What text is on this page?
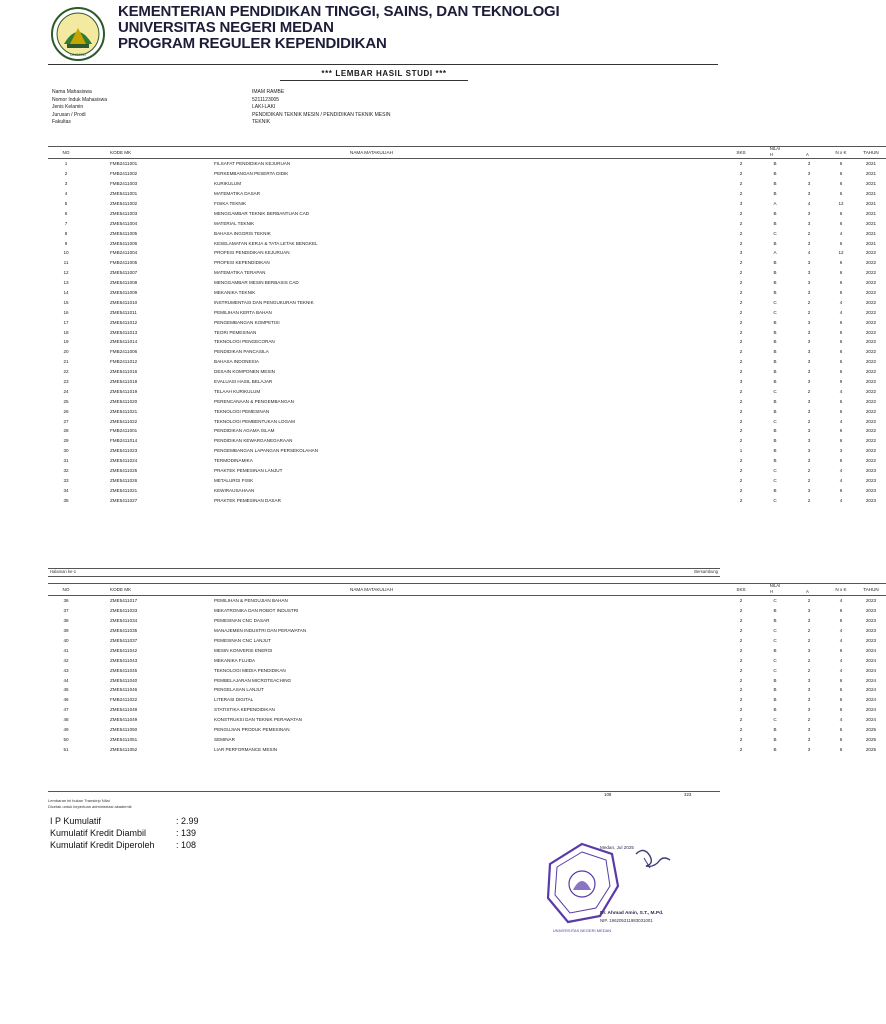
UNIMED
KEMENTERIAN PENDIDIKAN TINGGI, SAINS, DAN TEKNOLOGI
UNIVERSITAS NEGERI MEDAN
PROGRAM REGULER KEPENDIDIKAN
*** LEMBAR HASIL STUDI ***
Nama Mahasiswa	IMAM RAMBE
Nomor Induk Mahasiswa	5211123005
Jenis Kelamin	LAKI-LAKI
Jurusan / Prodi	PENDIDIKAN TEKNIK MESIN / PENDIDIKAN TEKNIK MESIN
Fakultas	TEKNIK
NO	KODE MK	NAMA MATAKULIAH	SKS	NILAI
H	A	N x K	TAHUN
1	FMB2411001	FILSAFAT PENDIDIKAN KEJURUAN	2	B	3	6	2021
2	FMB2411002	PERKEMBANGAN PESERTA DIDIK	2	B	3	6	2021
3	FMB2411003	KURIKULUM	2	B	3	6	2021
4	ZME5411001	MATEMATIKA DASAR	2	B	3	6	2021
5	ZME5411002	FISIKA TEKNIK	3	A	4	12	2021
6	ZME5411003	MENGGAMBAR TEKNIK BERBANTUAN CAD	2	B	3	6	2021
7	ZME5411004	MATERIAL TEKNIK	2	B	3	6	2021
8	ZME5411005	BAHASA INGGRIS TEKNIK	2	C	2	4	2021
9	ZME5411006	KESELAMATAN KERJA & TATA LETAK BENGKEL	2	B	3	6	2021
10	FMB2411004	PROFESI PENDIDIKAN KEJURUAN	3	A	4	12	2022
11	FMB2411005	PROFESI KEPENDIDIKAN	2	B	3	6	2022
12	ZME5411007	MATEMATIKA TERAPAN	2	B	3	6	2022
13	ZME5411008	MENGGAMBAR MESIN BERBASIS CAD	2	B	3	6	2022
14	ZME5411009	MEKANIKA TEKNIK	2	B	3	6	2022
15	ZME5411010	INSTRUMENTASI DAN PENGUKURAN TEKNIK	2	C	2	4	2022
16	ZME5411011	PEMILIHAN KERTA BAHAN	2	C	2	4	2022
17	ZME5411012	PENGEMBANGAN KOMPETISI	2	B	3	6	2022
18	ZME5411013	TEORI PEMESINAN	2	B	3	6	2022
19	ZME5411014	TEKNOLOGI PENGECORAN	2	B	3	6	2022
20	FMB2411006	PENDIDIKAN PANCASILA	2	B	3	6	2022
21	FMB2411012	BAHASA INDONESIA	2	B	3	6	2022
22	ZME5411016	DESAIN KOMPONEN MESIN	2	B	3	6	2022
23	ZME5411018	EVALUASI HASIL BELAJAR	3	B	3	9	2022
24	ZME5411019	TELAAH KURIKULUM	2	C	2	4	2022
25	ZME5411020	PERENCANAAN & PENGEMBANGAN	2	B	3	6	2022
26	ZME5411021	TEKNOLOGI PEMESINAN	2	B	3	6	2022
27	ZME5411022	TEKNOLOGI PEMBENTUKAN LOGAM	2	C	2	4	2022
28	FMB2411001	PENDIDIKAN AGAMA ISLAM	2	B	3	6	2022
29	FMB2411014	PENDIDIKAN KEWARGANEGARAAN	2	B	3	6	2022
30	ZME5411023	PENGEMBANGAN LAPANGAN PERSEKOLAHAN	1	B	3	3	2022
31	ZME5411024	TERMODINAMIKA	2	B	3	6	2022
32	ZME5411025	PRAKTEK PEMESINAN LANJUT	2	C	2	4	2023
33	ZME5411026	METALURGI FISIK	2	C	2	4	2023
34	ZME5411021	KEWIRAUSAHAAN	2	B	3	6	2023
35	ZME5411027	PRAKTEK PEMESINAN DASAR	2	C	2	4	2023
Halaman ke-1	Bersambung
NO	KODE MK	NAMA MATAKULIAH	SKS	NILAI
H	A	N x K	TAHUN
36	ZME5411017	PEMILIHAN & PENGUJIAN BAHAN	2	C	2	4	2023
37	ZME5411033	MEKATRONIKA DAN ROBOT INDUSTRI	2	B	3	6	2023
38	ZME5411034	PEMESINAN CNC DASAR	2	B	3	6	2023
39	ZME5411035	MANAJEMEN INDUSTRI DAN PERAWATAN	2	C	2	4	2023
40	ZME5411037	PEMESINAN CNC LANJUT	2	C	2	4	2023
41	ZME5411042	MESIN KONVERSI ENERGI	2	B	3	6	2024
42	ZME5411043	MEKANIKA FLUIDA	2	C	2	4	2024
43	ZME5411045	TEKNOLOGI MEDIA PENDIDIKAN	2	C	2	4	2024
44	ZME5411040	PEMBELAJARAN MICROTEACHING	2	B	3	6	2024
45	ZME5411046	PENGELASAN LANJUT	2	B	3	6	2024
46	FMB2411022	LITERASI DIGITAL	2	B	3	6	2024
47	ZME5411048	STATISTIKA KEPENDIDIKAN	2	B	3	6	2024
48	ZME5411049	KONSTRUKSI DAN TEKNIK PERAWATAN	2	C	2	4	2024
49	ZME5411050	PENGUJIAN PRODUK PEMESINAN	2	B	3	6	2025
50	ZME5411051	SEMINAR	2	B	3	6	2025
51	ZME5411052	LIAR PERFORMANCE MESIN	2	B	3	6	2025
108	323
Lembaran ini bukan Transkrip Nilai
Dicetak untuk keperluan administrasi akademik
I P Kumulatif	: 2.99
Kumulatif Kredit Diambil	: 139
Kumulatif Kredit Diperoleh	: 108
UNIVERSITAS NEGERI MEDAN
Medan, Jul 2025
Dr. Ahmad Amin, S.T., M.Pd.
NIP. 196205211983031001
